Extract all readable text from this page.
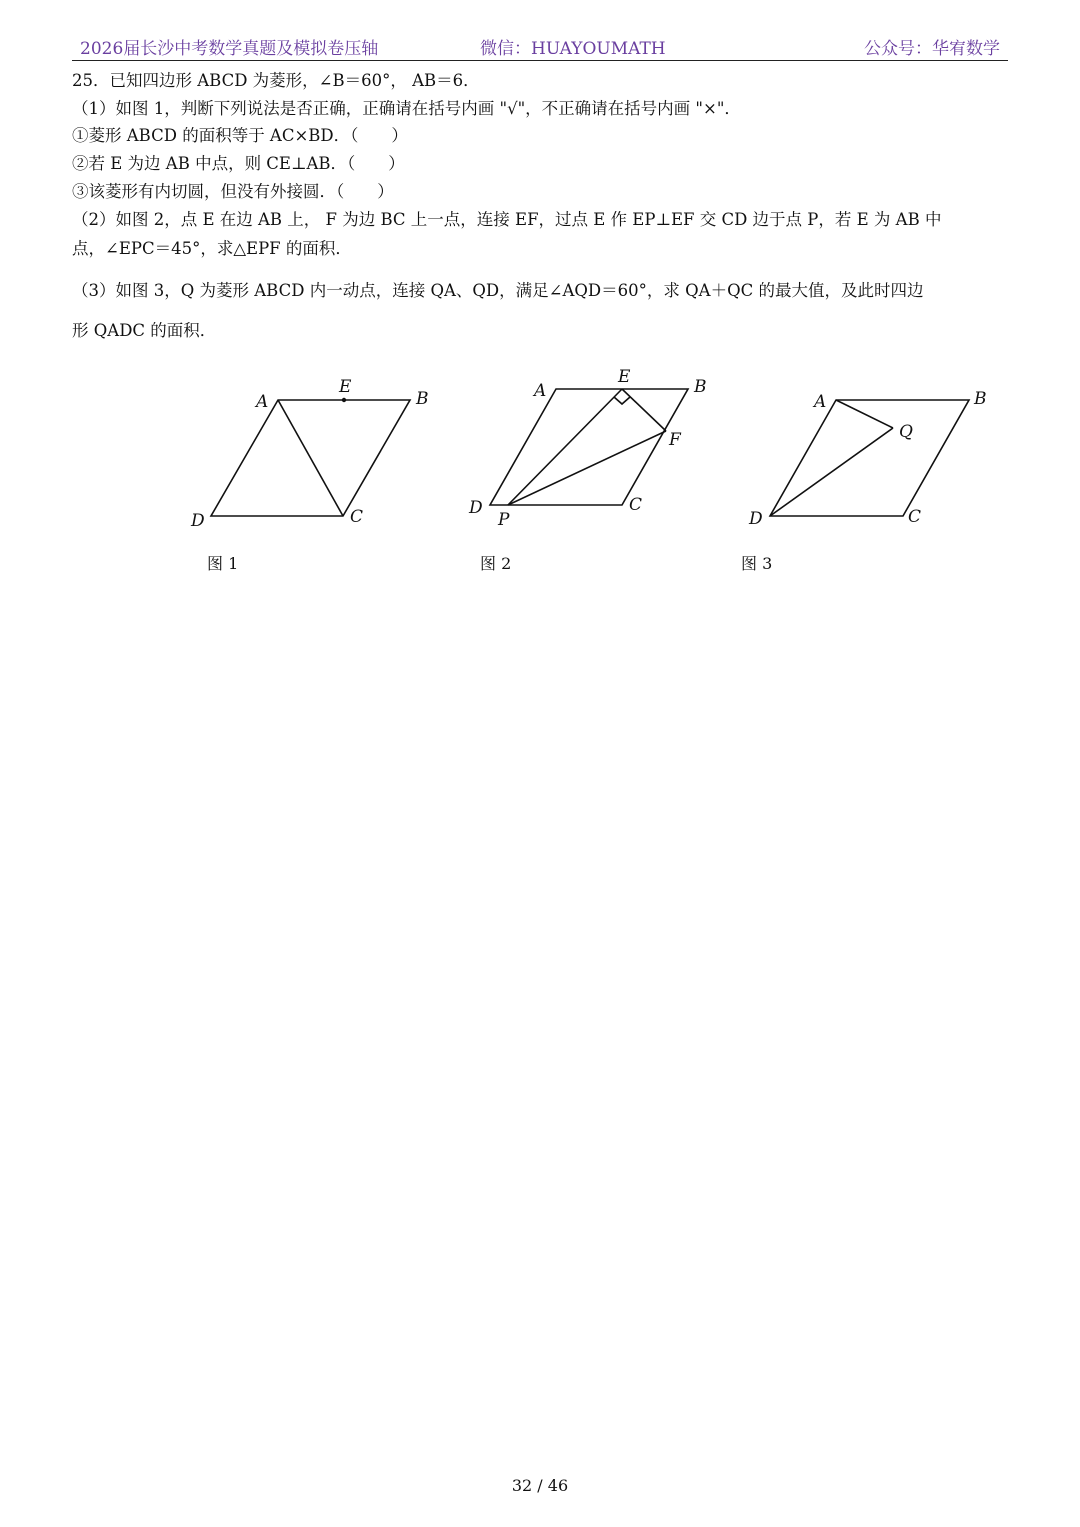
2026届长沙中考数学真题及模拟卷压轴	微信：HUAYOUMATH	公众号：华宥数学
25．已知四边形 ABCD 为菱形，∠B＝60°， AB＝6．
（1）如图 1，判断下列说法是否正确，正确请在括号内画 "√"，不正确请在括号内画 "×"．
①菱形 ABCD 的面积等于 AC×BD．（　　）
②若 E 为边 AB 中点，则 CE⊥AB．（　　）
③该菱形有内切圆，但没有外接圆．（　　）
（2）如图 2，点 E 在边 AB 上， F 为边 BC 上一点，连接 EF，过点 E 作 EP⊥EF 交 CD 边于点 P，若 E 为 AB 中
点，∠EPC＝45°，求△EPF 的面积．
（3）如图 3，Q 为菱形 ABCD 内一动点，连接 QA、QD，满足∠AQD＝60°，求 QA＋QC 的最大值，及此时四边
形 QADC 的面积．
A	B
C
D
E
图 1
A	B
C
D
E
F
P
图 2
A	B
C
D
Q
图 3
32 / 46
